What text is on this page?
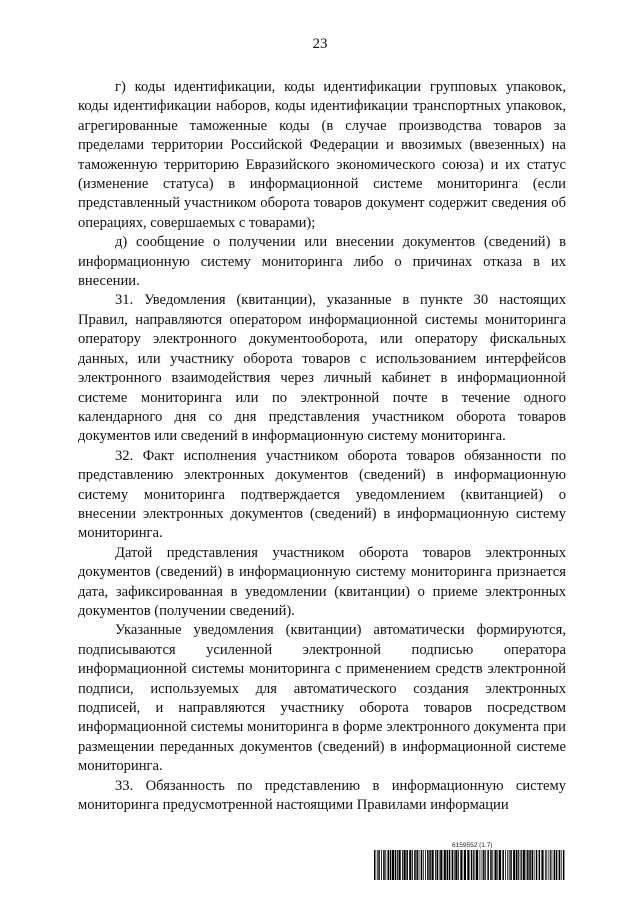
23

г) коды идентификации, коды идентификации групповых упаковок, коды идентификации наборов, коды идентификации транспортных упаковок, агрегированные таможенные коды (в случае производства товаров за пределами территории Российской Федерации и ввозимых (ввезенных) на таможенную территорию Евразийского экономического союза) и их статус (изменение статуса) в информационной системе мониторинга (если представленный участником оборота товаров документ содержит сведения об операциях, совершаемых с товарами);

д) сообщение о получении или внесении документов (сведений) в информационную систему мониторинга либо о причинах отказа в их внесении.

31. Уведомления (квитанции), указанные в пункте 30 настоящих Правил, направляются оператором информационной системы мониторинга оператору электронного документооборота, или оператору фискальных данных, или участнику оборота товаров с использованием интерфейсов электронного взаимодействия через личный кабинет в информационной системе мониторинга или по электронной почте в течение одного календарного дня со дня представления участником оборота товаров документов или сведений в информационную систему мониторинга.

32. Факт исполнения участником оборота товаров обязанности по представлению электронных документов (сведений) в информационную систему мониторинга подтверждается уведомлением (квитанцией) о внесении электронных документов (сведений) в информационную систему мониторинга.

Датой представления участником оборота товаров электронных документов (сведений) в информационную систему мониторинга признается дата, зафиксированная в уведомлении (квитанции) о приеме электронных документов (получении сведений).

Указанные уведомления (квитанции) автоматически формируются, подписываются усиленной электронной подписью оператора информационной системы мониторинга с применением средств электронной подписи, используемых для автоматического создания электронных подписей, и направляются участнику оборота товаров посредством информационной системы мониторинга в форме электронного документа при размещении переданных документов (сведений) в информационной системе мониторинга.

33. Обязанность по представлению в информационную систему мониторинга предусмотренной настоящими Правилами информации

6159552 (1.7)
